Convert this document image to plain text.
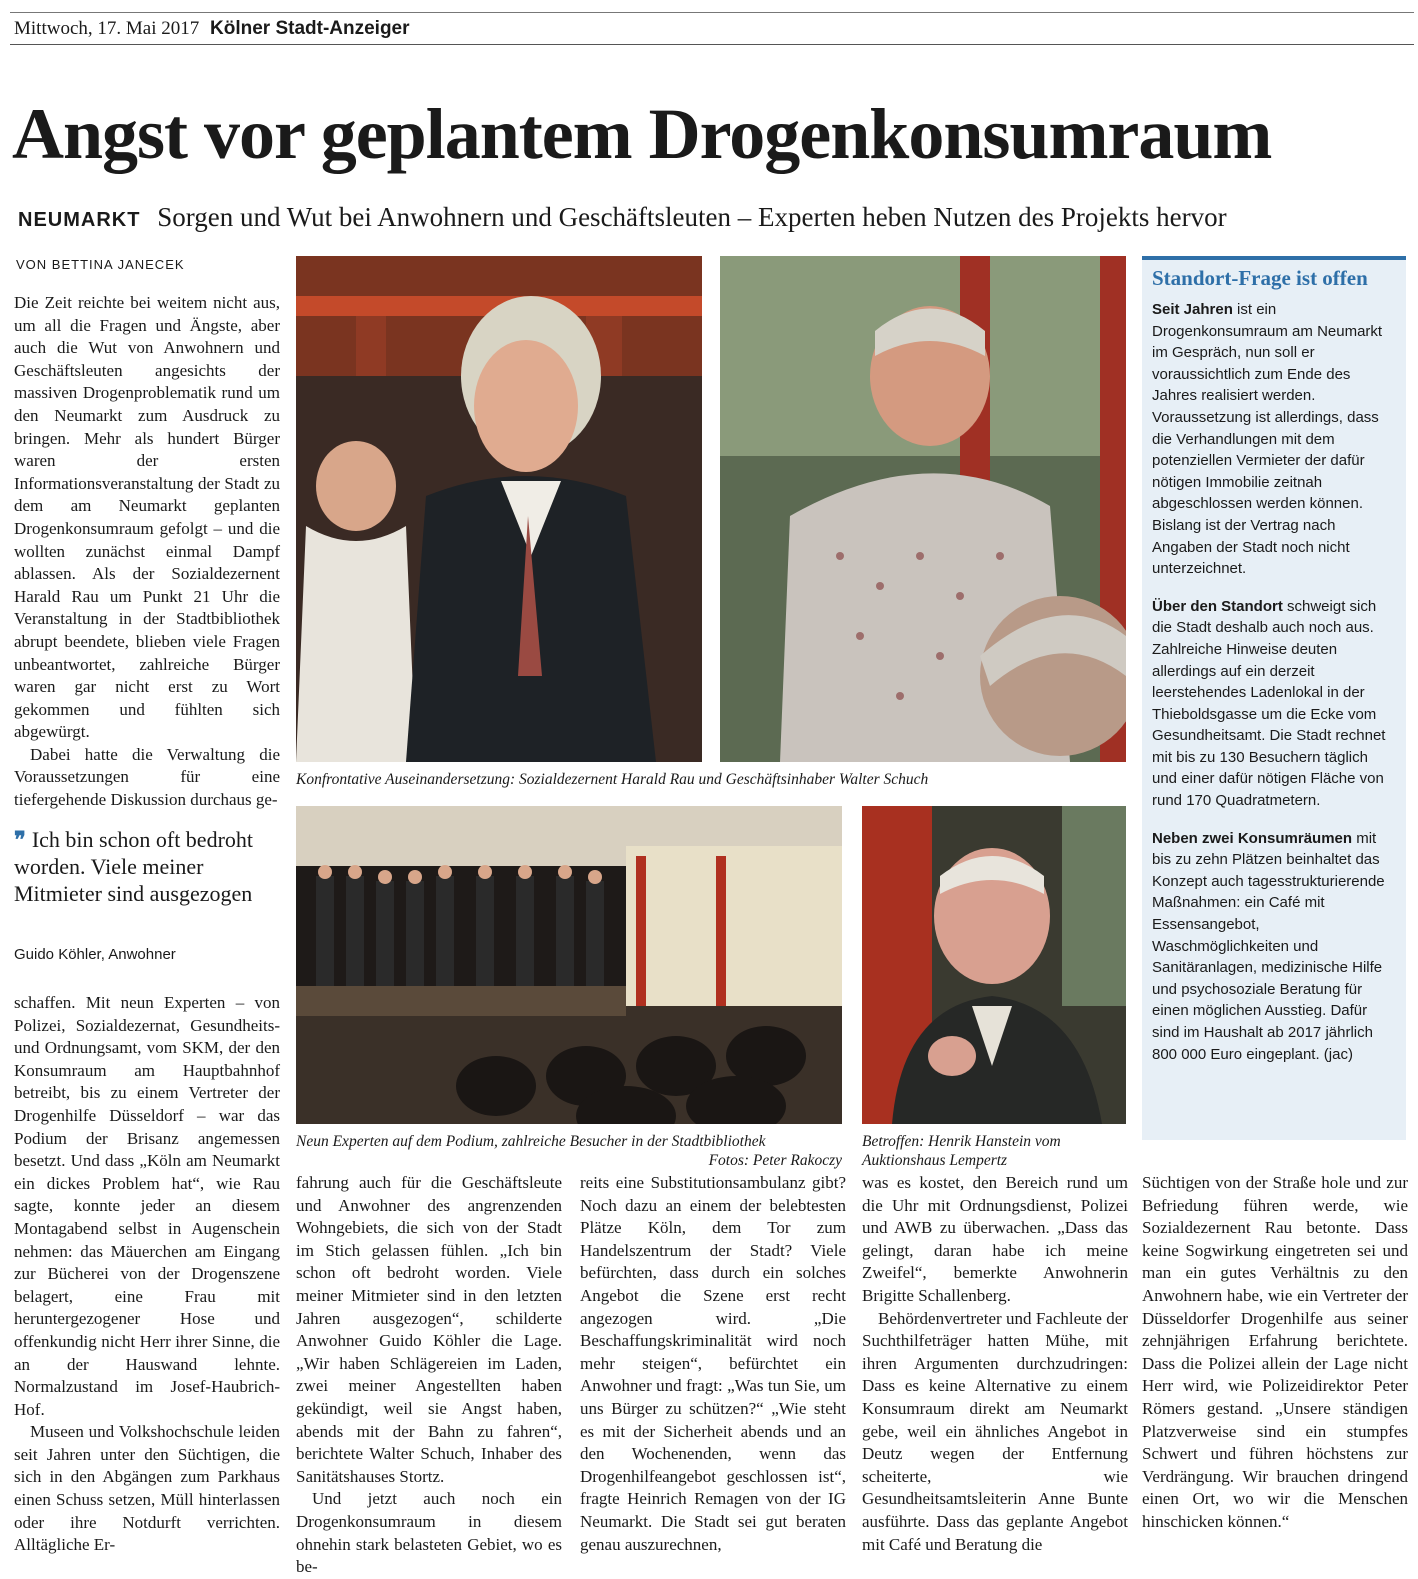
Mittwoch, 17. Mai 2017 Kölner Stadt-Anzeiger
Angst vor geplantem Drogenkonsumraum
NEUMARKT Sorgen und Wut bei Anwohnern und Geschäftsleuten – Experten heben Nutzen des Projekts hervor
VON BETTINA JANECEK

Die Zeit reichte bei weitem nicht aus, um all die Fragen und Ängste, aber auch die Wut von Anwohnern und Geschäftsleuten angesichts der massiven Drogenproblematik rund um den Neumarkt zum Ausdruck zu bringen. Mehr als hundert Bürger waren der ersten Informationsveranstaltung der Stadt zu dem am Neumarkt geplanten Drogenkonsumraum gefolgt – und die wollten zunächst einmal Dampf ablassen. Als der Sozialdezernent Harald Rau um Punkt 21 Uhr die Veranstaltung in der Stadtbibliothek abrupt beendete, blieben viele Fragen unbeantwortet, zahlreiche Bürger waren gar nicht erst zu Wort gekommen und fühlten sich abgewürgt.

Dabei hatte die Verwaltung die Voraussetzungen für eine tiefergehende Diskussion durchaus ge-

❞ Ich bin schon oft bedroht worden. Viele meiner Mitmieter sind ausgezogen
Guido Köhler, Anwohner

schaffen. Mit neun Experten – von Polizei, Sozialdezernat, Gesundheits- und Ordnungsamt, vom SKM, der den Konsumraum am Hauptbahnhof betreibt, bis zu einem Vertreter der Drogenhilfe Düsseldorf – war das Podium der Brisanz angemessen besetzt. Und dass „Köln am Neumarkt ein dickes Problem hat“, wie Rau sagte, konnte jeder an diesem Montagabend selbst in Augenschein nehmen: das Mäuerchen am Eingang zur Bücherei von der Drogenszene belagert, eine Frau mit heruntergezogener Hose und offenkundig nicht Herr ihrer Sinne, die an der Hauswand lehnte. Normalzustand im Josef-Haubrich-Hof.

Museen und Volkshochschule leiden seit Jahren unter den Süchtigen, die sich in den Abgängen zum Parkhaus einen Schuss setzen, Müll hinterlassen oder ihre Notdurft verrichten. Alltägliche Er-

Konfrontative Auseinandersetzung: Sozialdezernent Harald Rau und Geschäftsinhaber Walter Schuch
Neun Experten auf dem Podium, zahlreiche Besucher in der Stadtbibliothek
Fotos: Peter Rakoczy
Betroffen: Henrik Hanstein vom Auktionshaus Lempertz
Standort-Frage ist offen

Seit Jahren ist ein Drogenkonsumraum am Neumarkt im Gespräch, nun soll er voraussichtlich zum Ende des Jahres realisiert werden. Voraussetzung ist allerdings, dass die Verhandlungen mit dem potenziellen Vermieter der dafür nötigen Immobilie zeitnah abgeschlossen werden können. Bislang ist der Vertrag nach Angaben der Stadt noch nicht unterzeichnet.

Über den Standort schweigt sich die Stadt deshalb auch noch aus. Zahlreiche Hinweise deuten allerdings auf ein derzeit leerstehendes Ladenlokal in der Thieboldsgasse um die Ecke vom Gesundheitsamt. Die Stadt rechnet mit bis zu 130 Besuchern täglich und einer dafür nötigen Fläche von rund 170 Quadratmetern.

Neben zwei Konsumräumen mit bis zu zehn Plätzen beinhaltet das Konzept auch tagesstrukturierende Maßnahmen: ein Café mit Essensangebot, Waschmöglichkeiten und Sanitäranlagen, medizinische Hilfe und psychosoziale Beratung für einen möglichen Ausstieg. Dafür sind im Haushalt ab 2017 jährlich 800 000 Euro eingeplant. (jac)

fahrung auch für die Geschäftsleute und Anwohner des angrenzenden Wohngebiets, die sich von der Stadt im Stich gelassen fühlen. „Ich bin schon oft bedroht worden. Viele meiner Mitmieter sind in den letzten Jahren ausgezogen“, schilderte Anwohner Guido Köhler die Lage. „Wir haben Schlägereien im Laden, zwei meiner Angestellten haben gekündigt, weil sie Angst haben, abends mit der Bahn zu fahren“, berichtete Walter Schuch, Inhaber des Sanitätshauses Stortz.

Und jetzt auch noch ein Drogenkonsumraum in diesem ohnehin stark belasteten Gebiet, wo es be-

reits eine Substitutionsambulanz gibt? Noch dazu an einem der belebtesten Plätze Köln, dem Tor zum Handelszentrum der Stadt? Viele befürchten, dass durch ein solches Angebot die Szene erst recht angezogen wird. „Die Beschaffungskriminalität wird noch mehr steigen“, befürchtet ein Anwohner und fragt: „Was tun Sie, um uns Bürger zu schützen?“ „Wie steht es mit der Sicherheit abends und an den Wochenenden, wenn das Drogenhilfeangebot geschlossen ist“, fragte Heinrich Remagen von der IG Neumarkt. Die Stadt sei gut beraten genau auszurechnen,

was es kostet, den Bereich rund um die Uhr mit Ordnungsdienst, Polizei und AWB zu überwachen. „Dass das gelingt, daran habe ich meine Zweifel“, bemerkte Anwohnerin Brigitte Schallenberg.

Behördenvertreter und Fachleute der Suchthilfeträger hatten Mühe, mit ihren Argumenten durchzudringen: Dass es keine Alternative zu einem Konsumraum direkt am Neumarkt gebe, weil ein ähnliches Angebot in Deutz wegen der Entfernung scheiterte, wie Gesundheitsamtsleiterin Anne Bunte ausführte. Dass das geplante Angebot mit Café und Beratung die

Süchtigen von der Straße hole und zur Befriedung führen werde, wie Sozialdezernent Rau betonte. Dass keine Sogwirkung eingetreten sei und man ein gutes Verhältnis zu den Anwohnern habe, wie ein Vertreter der Düsseldorfer Drogenhilfe aus seiner zehnjährigen Erfahrung berichtete. Dass die Polizei allein der Lage nicht Herr wird, wie Polizeidirektor Peter Römers gestand. „Unsere ständigen Platzverweise sind ein stumpfes Schwert und führen höchstens zur Verdrängung. Wir brauchen dringend einen Ort, wo wir die Menschen hinschicken können.“
